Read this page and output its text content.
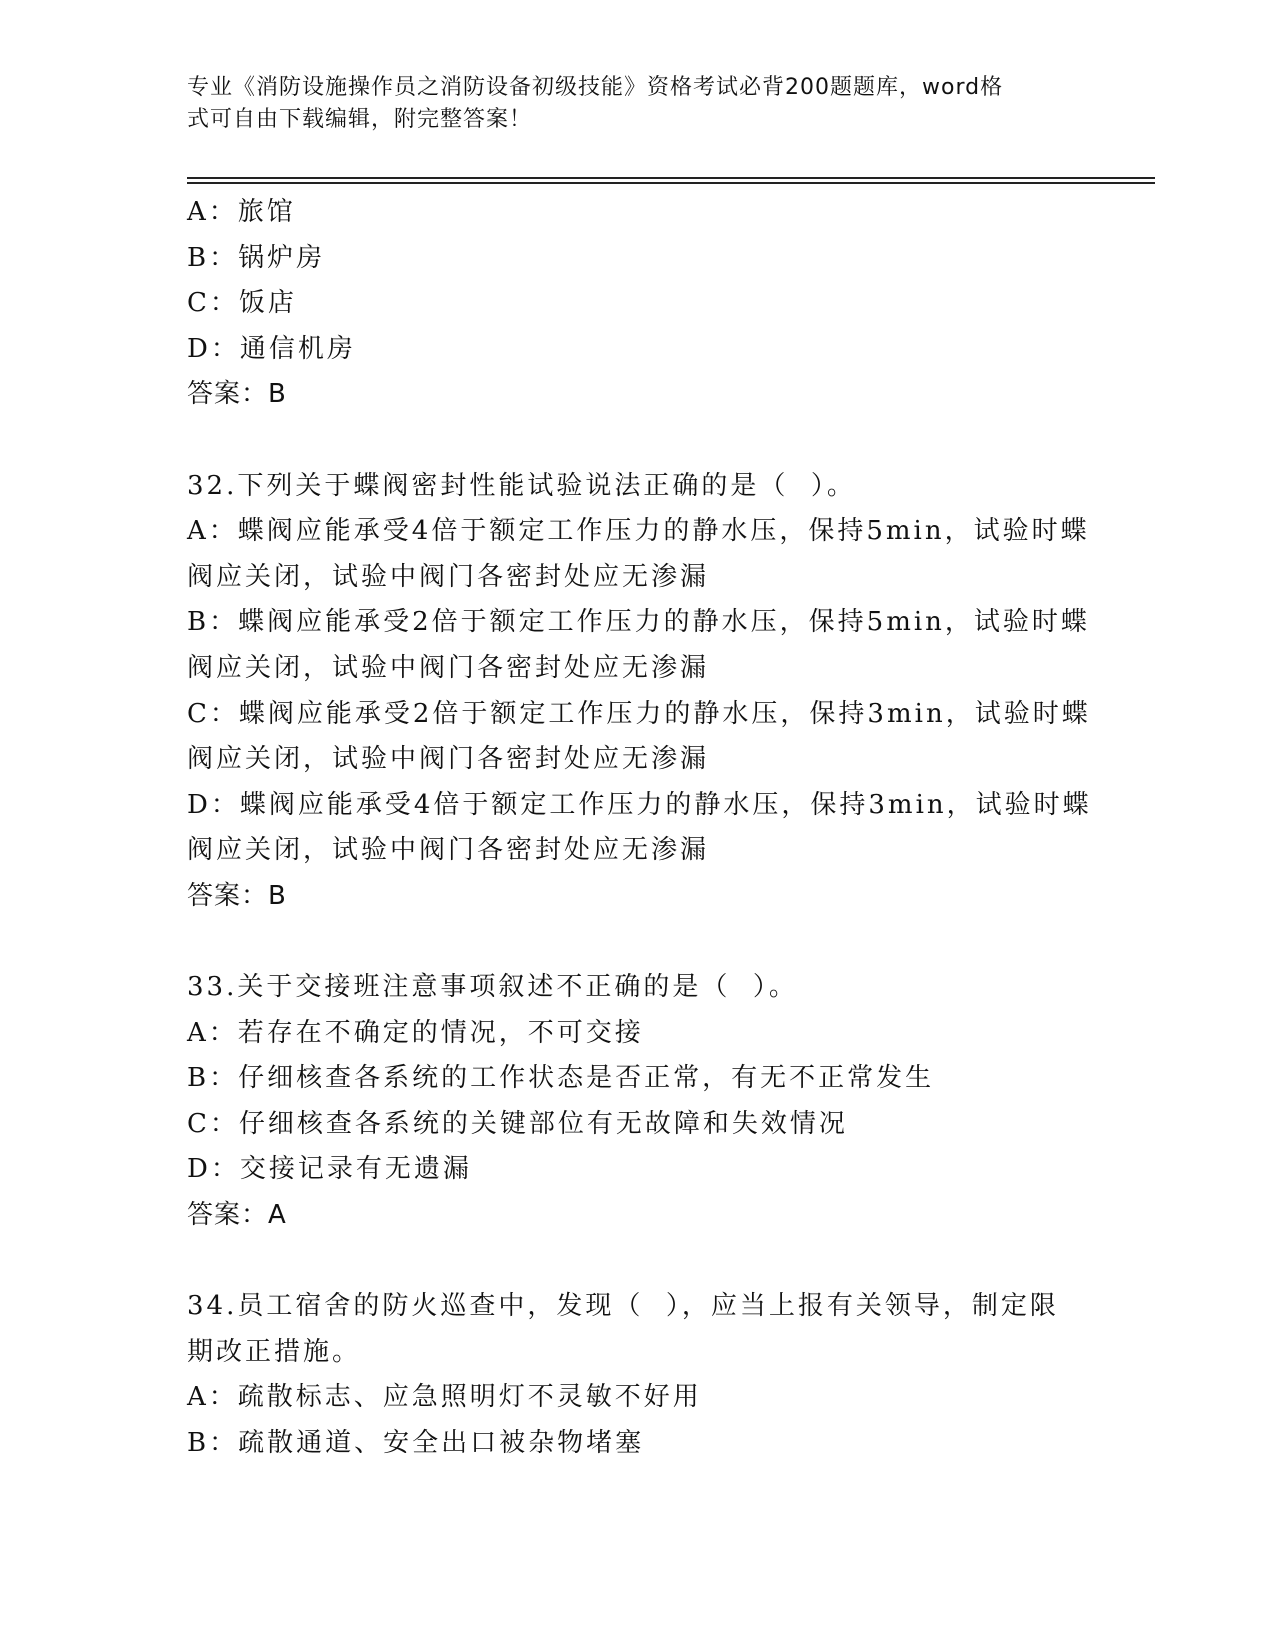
专业《消防设施操作员之消防设备初级技能》资格考试必背200题题库，word格
式可自由下载编辑，附完整答案！
A：旅馆
B：锅炉房
C：饭店
D：通信机房
答案：B
32.下列关于蝶阀密封性能试验说法正确的是（  ）。
A：蝶阀应能承受4倍于额定工作压力的静水压，保持5min，试验时蝶
阀应关闭，试验中阀门各密封处应无渗漏
B：蝶阀应能承受2倍于额定工作压力的静水压，保持5min，试验时蝶
阀应关闭，试验中阀门各密封处应无渗漏
C：蝶阀应能承受2倍于额定工作压力的静水压，保持3min，试验时蝶
阀应关闭，试验中阀门各密封处应无渗漏
D：蝶阀应能承受4倍于额定工作压力的静水压，保持3min，试验时蝶
阀应关闭，试验中阀门各密封处应无渗漏
答案：B
33.关于交接班注意事项叙述不正确的是（  ）。
A：若存在不确定的情况，不可交接
B：仔细核查各系统的工作状态是否正常，有无不正常发生
C：仔细核查各系统的关键部位有无故障和失效情况
D：交接记录有无遗漏
答案：A
34.员工宿舍的防火巡查中，发现（  ），应当上报有关领导，制定限
期改正措施。
A：疏散标志、应急照明灯不灵敏不好用
B：疏散通道、安全出口被杂物堵塞
